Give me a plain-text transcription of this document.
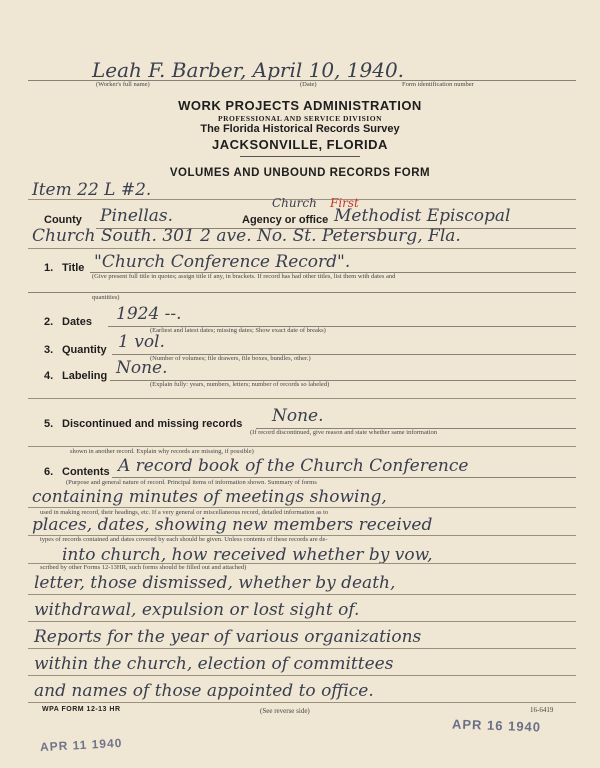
Leah F. Barber, April 10, 1940.
(Worker's full name)	(Date)	Form identification number
WORK PROJECTS ADMINISTRATION
PROFESSIONAL AND SERVICE DIVISION
The Florida Historical Records Survey
JACKSONVILLE, FLORIDA
VOLUMES AND UNBOUND RECORDS FORM
Item 22 L #2.
County Pinellas.	Agency or office
Church First
Methodist Episcopal
Church South. 301 2 ave. No. St. Petersburg, Fla.
1. Title "Church Conference Record".
(Give present full title in quotes; assign title if any, in brackets. If record has had other titles, list them with dates and
quantities)
2. Dates 1924 --.
(Earliest and latest dates; missing dates; Show exact date of breaks)
3. Quantity 1 vol.
(Number of volumes; file drawers, file boxes, bundles, other.)
4. Labeling None.
(Explain fully: years, numbers, letters; number of records so labeled)
5. Discontinued and missing records None.
(If record discontinued, give reason and state whether same information
shown in another record. Explain why records are missing, if possible)
6. Contents A record book of the Church Conference
(Purpose and general nature of record. Principal items of information shown. Summary of forms
containing minutes of meetings showing,
used in making record, their headings, etc. If a very general or miscellaneous record, detailed information as to
places, dates, showing new members received
types of records contained and dates covered by each should be given. Unless contents of these records are de-
into church, how received whether by vow,
scribed by other Forms 12-13HR, such forms should be filled out and attached)
letter, those dismissed, whether by death,
withdrawal, expulsion or lost sight of.
Reports for the year of various organizations
within the church, election of committees
and names of those appointed to office.
WPA FORM 12-13 HR	(See reverse side)	16-6419
APR 11 1940
APR 16 1940
